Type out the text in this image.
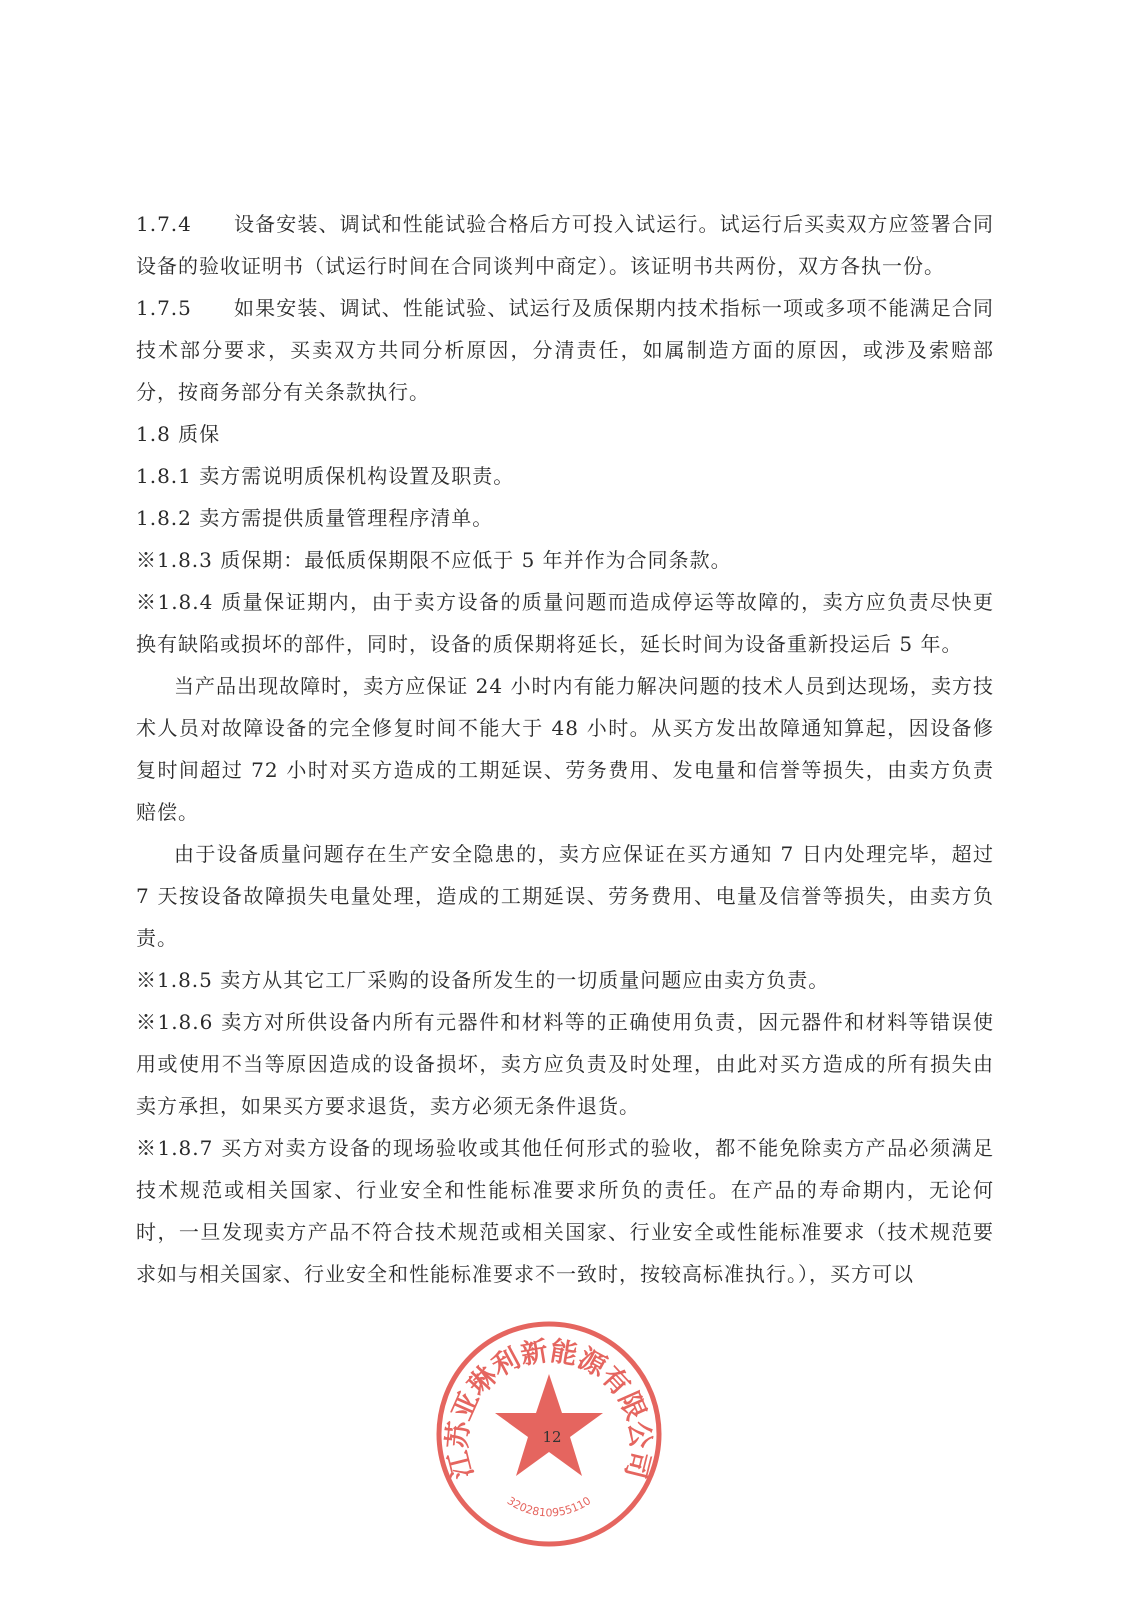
1.7.4 设备安装、调试和性能试验合格后方可投入试运行。试运行后买卖双方应签署合同设备的验收证明书（试运行时间在合同谈判中商定）。该证明书共两份，双方各执一份。

1.7.5 如果安装、调试、性能试验、试运行及质保期内技术指标一项或多项不能满足合同技术部分要求，买卖双方共同分析原因，分清责任，如属制造方面的原因，或涉及索赔部分，按商务部分有关条款执行。

1.8 质保

1.8.1 卖方需说明质保机构设置及职责。

1.8.2 卖方需提供质量管理程序清单。

※1.8.3 质保期：最低质保期限不应低于 5 年并作为合同条款。

※1.8.4 质量保证期内，由于卖方设备的质量问题而造成停运等故障的，卖方应负责尽快更换有缺陷或损坏的部件，同时，设备的质保期将延长，延长时间为设备重新投运后 5 年。

当产品出现故障时，卖方应保证 24 小时内有能力解决问题的技术人员到达现场，卖方技术人员对故障设备的完全修复时间不能大于 48 小时。从买方发出故障通知算起，因设备修复时间超过 72 小时对买方造成的工期延误、劳务费用、发电量和信誉等损失，由卖方负责赔偿。

由于设备质量问题存在生产安全隐患的，卖方应保证在买方通知 7 日内处理完毕，超过 7 天按设备故障损失电量处理，造成的工期延误、劳务费用、电量及信誉等损失，由卖方负责。

※1.8.5 卖方从其它工厂采购的设备所发生的一切质量问题应由卖方负责。

※1.8.6 卖方对所供设备内所有元器件和材料等的正确使用负责，因元器件和材料等错误使用或使用不当等原因造成的设备损坏，卖方应负责及时处理，由此对买方造成的所有损失由卖方承担，如果买方要求退货，卖方必须无条件退货。

※1.8.7 买方对卖方设备的现场验收或其他任何形式的验收，都不能免除卖方产品必须满足技术规范或相关国家、行业安全和性能标准要求所负的责任。在产品的寿命期内，无论何时，一旦发现卖方产品不符合技术规范或相关国家、行业安全或性能标准要求（技术规范要求如与相关国家、行业安全和性能标准要求不一致时，按较高标准执行。），买方可以

江苏亚琳利新能源有限公司
3202810955110
12
